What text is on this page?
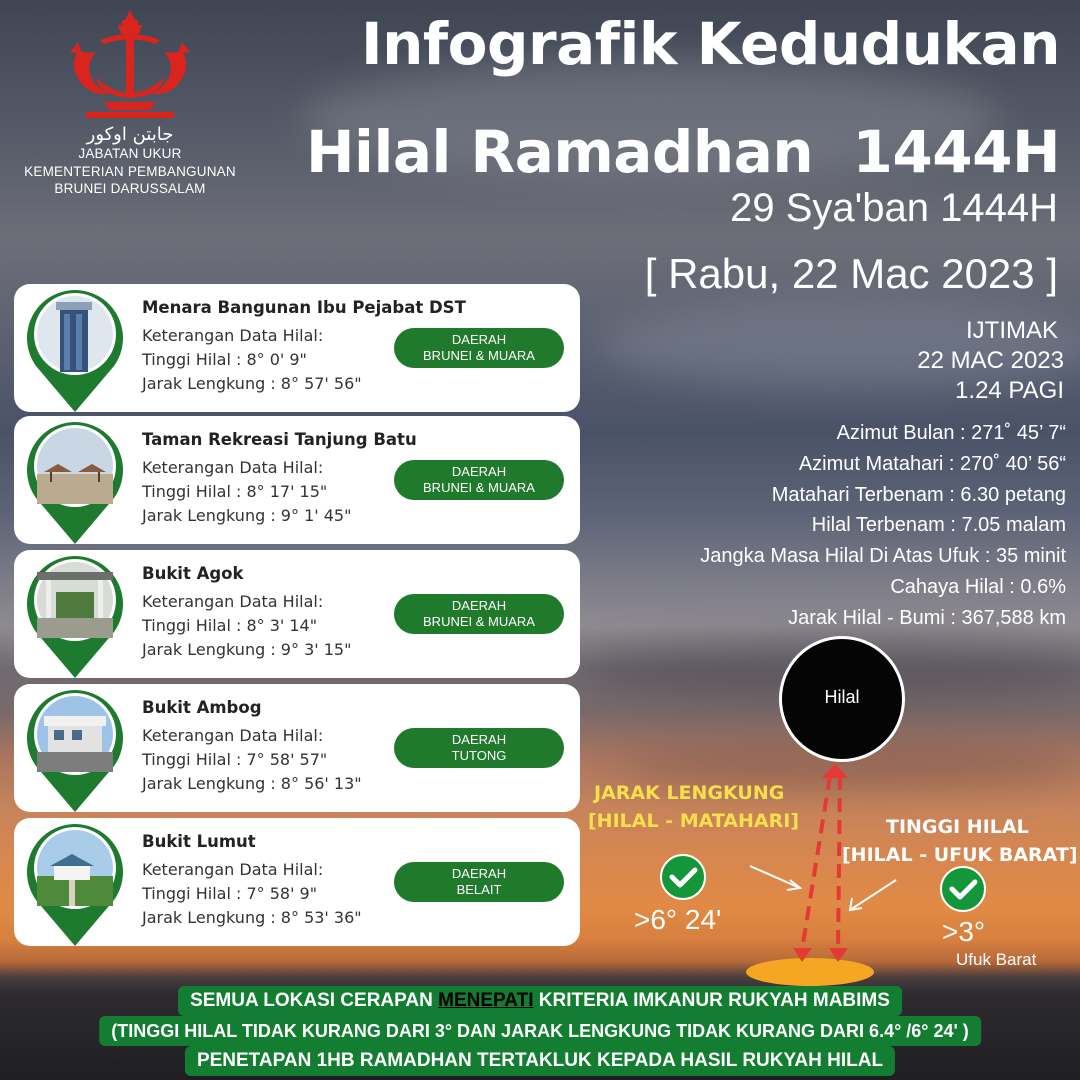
جابتن اوكور
JABATAN UKUR
KEMENTERIAN PEMBANGUNAN
BRUNEI DARUSSALAM
Infografik Kedudukan
Hilal Ramadhan  1444H
29 Sya'ban 1444H
[ Rabu, 22 Mac 2023 ]
IJTIMAK
22 MAC 2023
1.24 PAGI
Azimut Bulan : 271˚ 45’ 7“
Azimut Matahari : 270˚ 40’ 56“
Matahari Terbenam : 6.30 petang
Hilal Terbenam : 7.05 malam
Jangka Masa Hilal Di Atas Ufuk : 35 minit
Cahaya Hilal : 0.6%
Jarak Hilal - Bumi : 367,588 km
Menara Bangunan Ibu Pejabat DST
Keterangan Data Hilal:
Tinggi Hilal : 8° 0' 9"
Jarak Lengkung : 8° 57' 56"
DAERAH
BRUNEI & MUARA
Taman Rekreasi Tanjung Batu
Keterangan Data Hilal:
Tinggi Hilal : 8° 17' 15"
Jarak Lengkung : 9° 1' 45"
DAERAH
BRUNEI & MUARA
Bukit Agok
Keterangan Data Hilal:
Tinggi Hilal : 8° 3' 14"
Jarak Lengkung : 9° 3' 15"
DAERAH
BRUNEI & MUARA
Bukit Ambog
Keterangan Data Hilal:
Tinggi Hilal : 7° 58' 57"
Jarak Lengkung : 8° 56' 13"
DAERAH
TUTONG
Bukit Lumut
Keterangan Data Hilal:
Tinggi Hilal : 7° 58' 9"
Jarak Lengkung : 8° 53' 36"
DAERAH
BELAIT
Hilal
JARAK LENGKUNG
[HILAL - MATAHARI]	TINGGI HILAL
[HILAL - UFUK BARAT]
>6° 24'	>3°
Ufuk Barat
SEMUA LOKASI CERAPAN MENEPATI KRITERIA IMKANUR RUKYAH MABIMS
(TINGGI HILAL TIDAK KURANG DARI 3° DAN JARAK LENGKUNG TIDAK KURANG DARI 6.4° /6° 24' )
PENETAPAN 1HB RAMADHAN TERTAKLUK KEPADA HASIL RUKYAH HILAL
